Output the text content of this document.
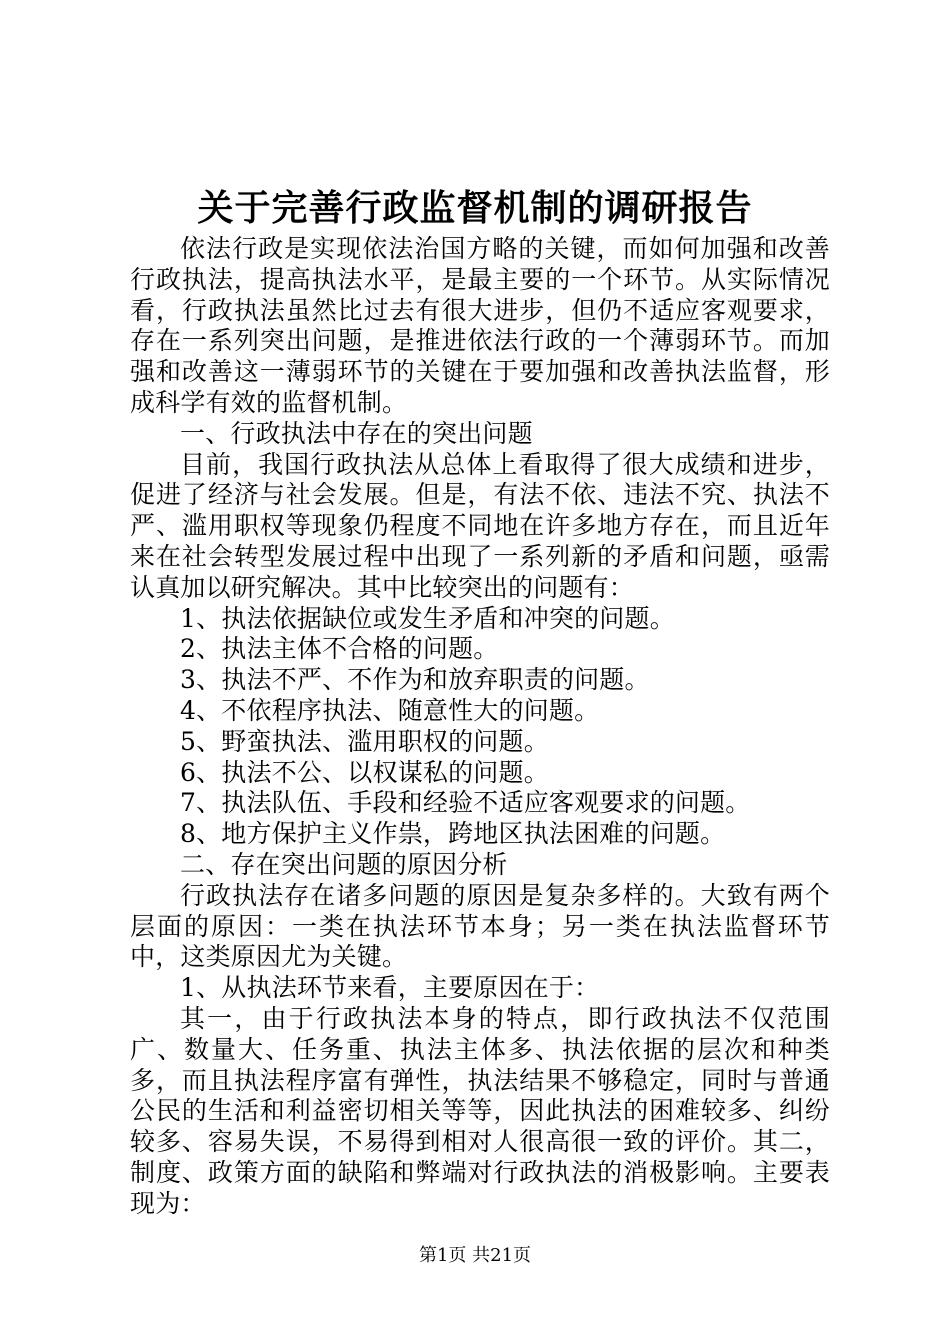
关于完善行政监督机制的调研报告

依法行政是实现依法治国方略的关键，而如何加强和改善行政执法，提高执法水平，是最主要的一个环节。从实际情况看，行政执法虽然比过去有很大进步，但仍不适应客观要求，存在一系列突出问题，是推进依法行政的一个薄弱环节。而加强和改善这一薄弱环节的关键在于要加强和改善执法监督，形成科学有效的监督机制。

一、行政执法中存在的突出问题

目前，我国行政执法从总体上看取得了很大成绩和进步，促进了经济与社会发展。但是，有法不依、违法不究、执法不严、滥用职权等现象仍程度不同地在许多地方存在，而且近年来在社会转型发展过程中出现了一系列新的矛盾和问题，亟需认真加以研究解决。其中比较突出的问题有：

1、执法依据缺位或发生矛盾和冲突的问题。

2、执法主体不合格的问题。

3、执法不严、不作为和放弃职责的问题。

4、不依程序执法、随意性大的问题。

5、野蛮执法、滥用职权的问题。

6、执法不公、以权谋私的问题。

7、执法队伍、手段和经验不适应客观要求的问题。

8、地方保护主义作祟，跨地区执法困难的问题。

二、存在突出问题的原因分析

行政执法存在诸多问题的原因是复杂多样的。大致有两个层面的原因：一类在执法环节本身；另一类在执法监督环节中，这类原因尤为关键。

1、从执法环节来看，主要原因在于：

其一，由于行政执法本身的特点，即行政执法不仅范围广、数量大、任务重、执法主体多、执法依据的层次和种类多，而且执法程序富有弹性，执法结果不够稳定，同时与普通公民的生活和利益密切相关等等，因此执法的困难较多、纠纷较多、容易失误，不易得到相对人很高很一致的评价。其二，制度、政策方面的缺陷和弊端对行政执法的消极影响。主要表现为：

第1页 共21页
